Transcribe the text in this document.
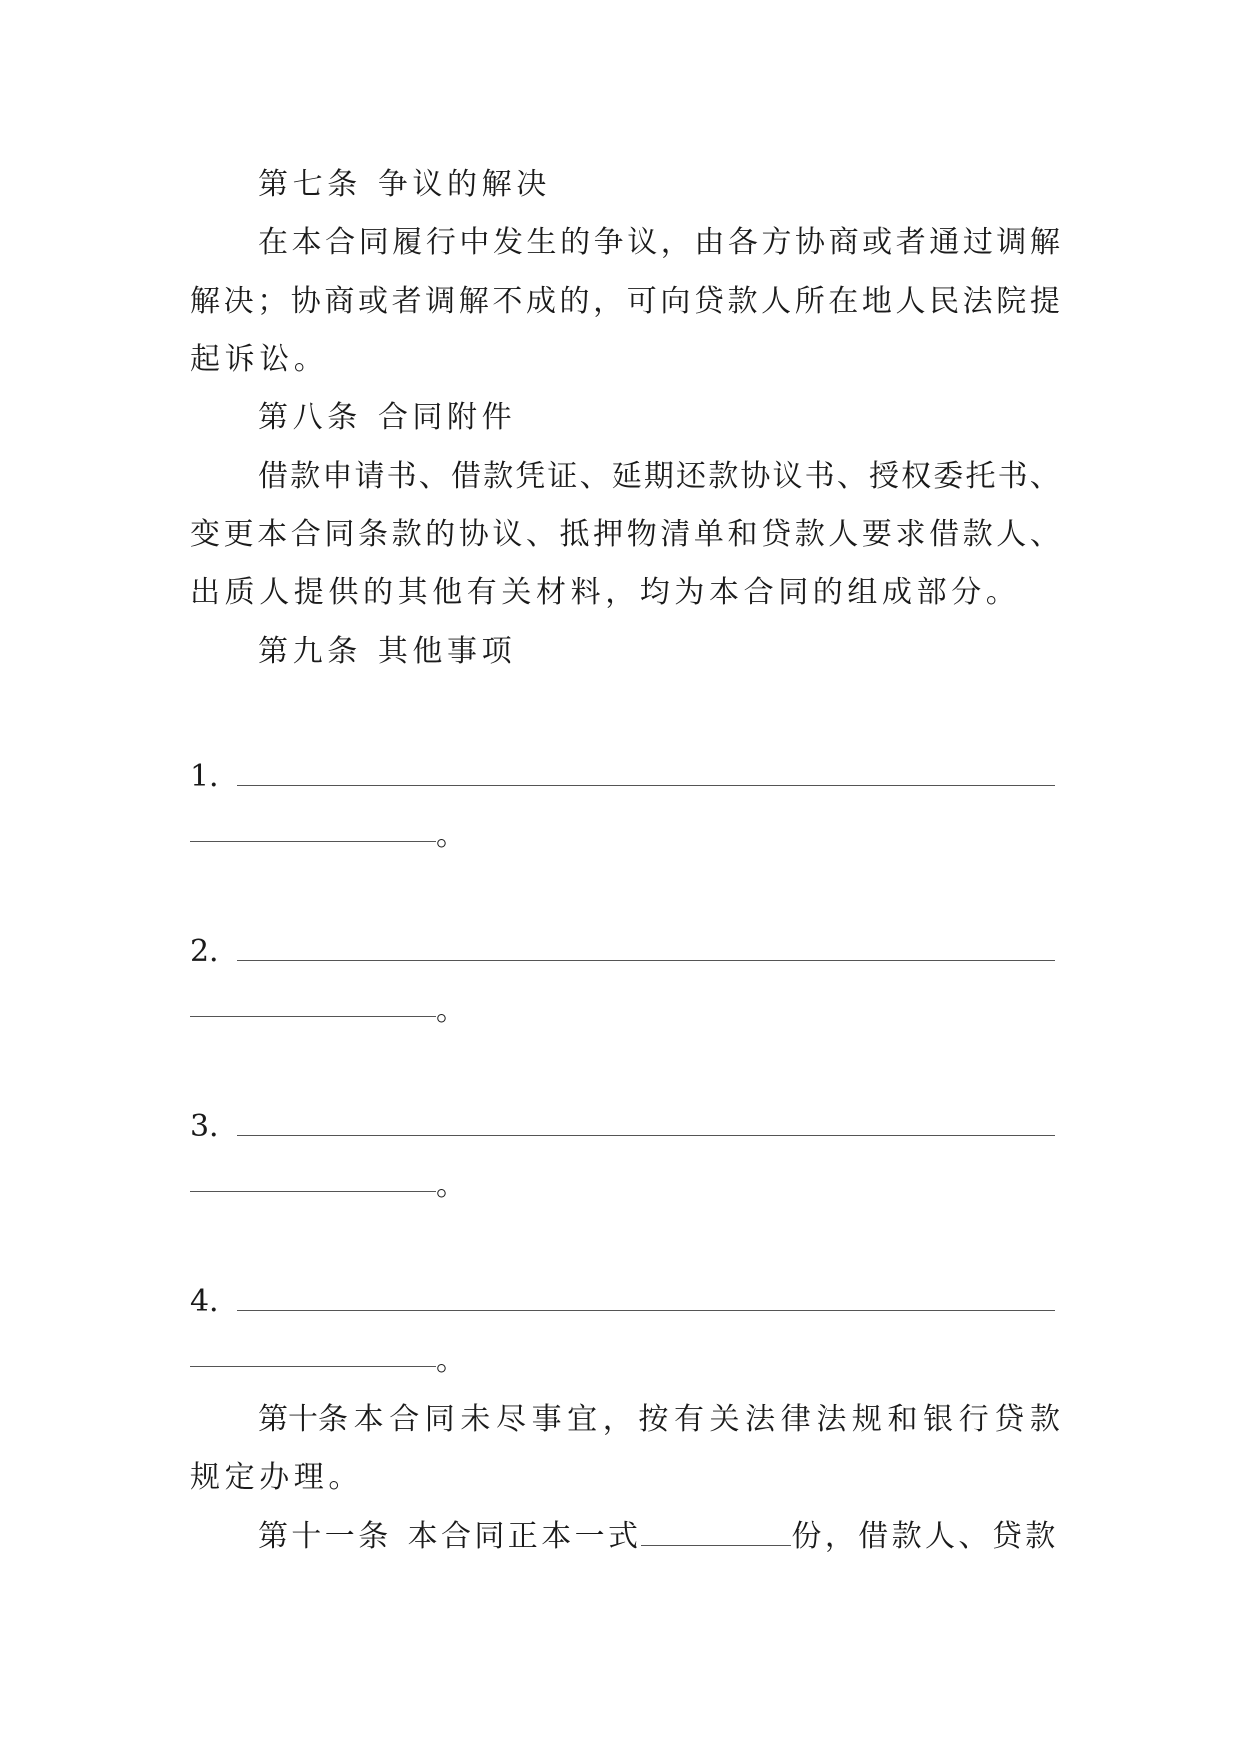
第七条 争议的解决
在 本 合 同 履 行 中 发 生 的 争 议 ， 由 各 方 协 商 或 者 通 过 调 解
解 决 ； 协 商 或 者 调 解 不 成 的 ， 可 向 贷 款 人 所 在 地 人 民 法 院 提
起诉讼。
第八条 合同附件
借 款 申 请 书 、 借 款 凭 证 、 延 期 还 款 协 议 书 、 授 权 委 托 书 、
变 更 本 合 同 条 款 的 协 议 、 抵 押 物 清 单 和 贷 款 人 要 求 借 款 人 、
出质人提供的其他有关材料，均为本合同的组成部分。
第九条 其他事项
1．
。
2．
。
3．
。
4．
。
第十条 本 合 同 未 尽 事 宜 ， 按 有 关 法 律 法 规 和 银 行 贷 款
规定办理。
第十一条 本合同正本一式	份，借款人、贷款
